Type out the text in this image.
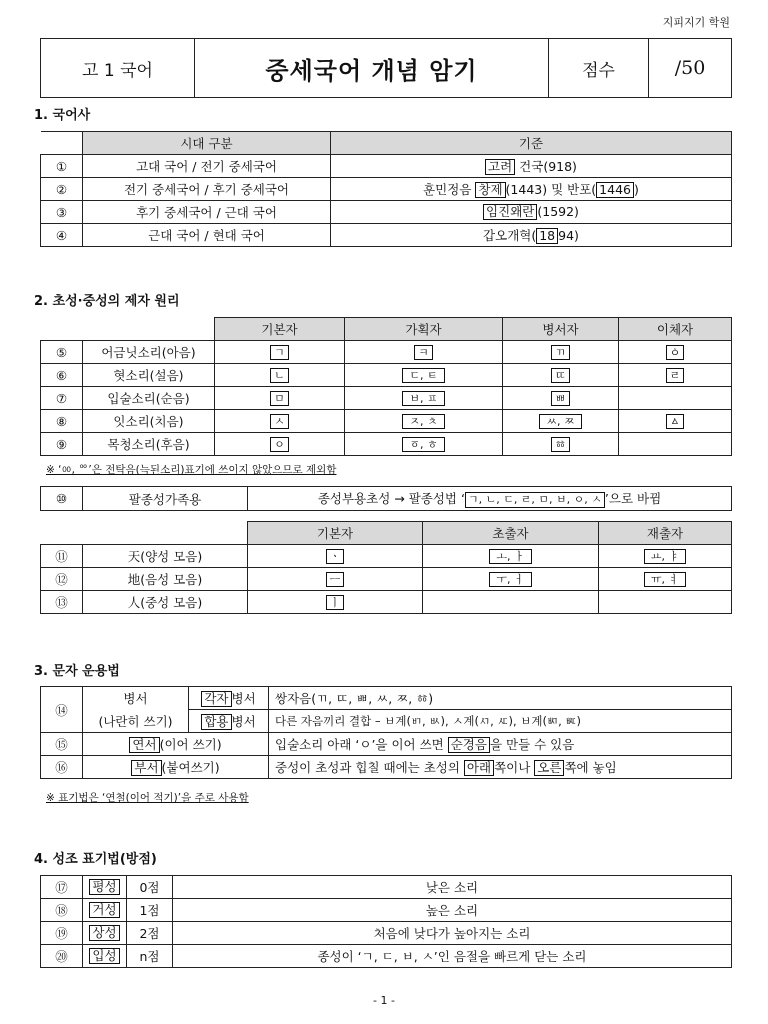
지피지기 학원
고 1 국어	중세국어 개념 암기	점수	/50
1. 국어사
	시대 구분	기준
①	고대 국어 / 전기 중세국어	고려 건국(918)
②	전기 중세국어 / 후기 중세국어	훈민정음 창제 (1443) 및 반포( 1446 )
③	후기 중세국어 / 근대 국어	임진왜란 (1592)
④	근대 국어 / 현대 국어	갑오개혁( 18 94)
2. 초성·중성의 제자 원리
		기본자	가획자	병서자	이체자
⑤	어금닛소리(아음)	ㄱ	ㅋ	ㄲ	ㆁ
⑥	혓소리(설음)	ㄴ	ㄷ, ㅌ	ㄸ	ㄹ
⑦	입술소리(순음)	ㅁ	ㅂ, ㅍ	ㅃ	
⑧	잇소리(치음)	ㅅ	ㅈ, ㅊ	ㅆ, ㅉ	ㅿ
⑨	목청소리(후음)	ㅇ	ㆆ, ㅎ	ㆅ	
※ ‘ㆀ, ᅇ’은 전탁음(늑된소리)표기에 쓰이지 않았으므로 제외함
⑩	팔종성가족용	종성부용초성 → 팔종성법 ‘ ㄱ, ㄴ, ㄷ, ㄹ, ㅁ, ㅂ, ㅇ, ㅅ ’으로 바뀜
		기본자	초출자	재출자
⑪	天(양성 모음)	ㆍ	ㅗ, ㅏ	ㅛ, ㅑ
⑫	地(음성 모음)	ㅡ	ㅜ, ㅓ	ㅠ, ㅕ
⑬	人(중성 모음)	ㅣ		
3. 문자 운용법
⑭	병서	각자 병서	쌍자음(ㄲ, ㄸ, ㅃ, ㅆ, ㅉ, ㆅ)
	(나란히 쓰기)	합용 병서	다른 자음끼리 결합 – ㅂ계(ㅲ, ㅄ), ㅅ계(ㅺ, ㅼ), ㅂ계(ㅴ, ㅵ)
⑮	연서 (이어 쓰기)		입술소리 아래 ‘ㅇ’을 이어 쓰면 순경음 을 만들 수 있음
⑯	부서 (붙여쓰기)		중성이 초성과 힙칠 때에는 초성의 아래 쪽이나 오른 쪽에 놓임
※ 표기법은 ‘연철(이어 적기)’을 주로 사용함
4. 성조 표기법(방점)
⑰	평성	0점	낮은 소리
⑱	거성	1점	높은 소리
⑲	상성	2점	처음에 낮다가 높아지는 소리
⑳	입성	n점	종성이 ‘ㄱ, ㄷ, ㅂ, ㅅ’인 음절을 빠르게 닫는 소리
- 1 -
